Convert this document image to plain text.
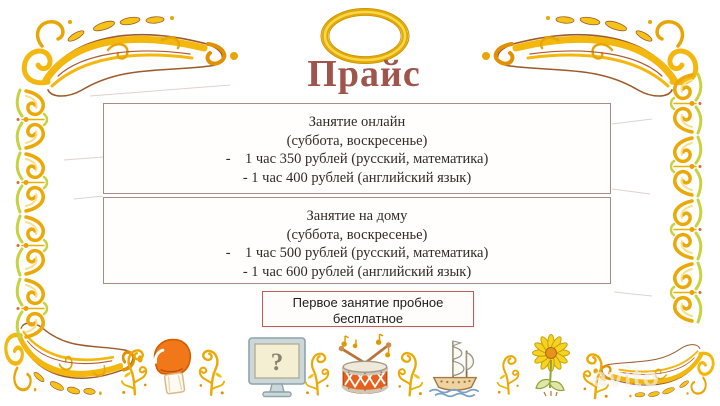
Прайс
Занятие онлайн
(суббота, воскресенье)
-    1 час 350 рублей (русский, математика)
- 1 час 400 рублей (английский язык)
Занятие на дому
(суббота, воскресенье)
-    1 час 500 рублей (русский, математика)
- 1 час 600 рублей (английский язык)
Первое занятие пробное
бесплатное
avito
